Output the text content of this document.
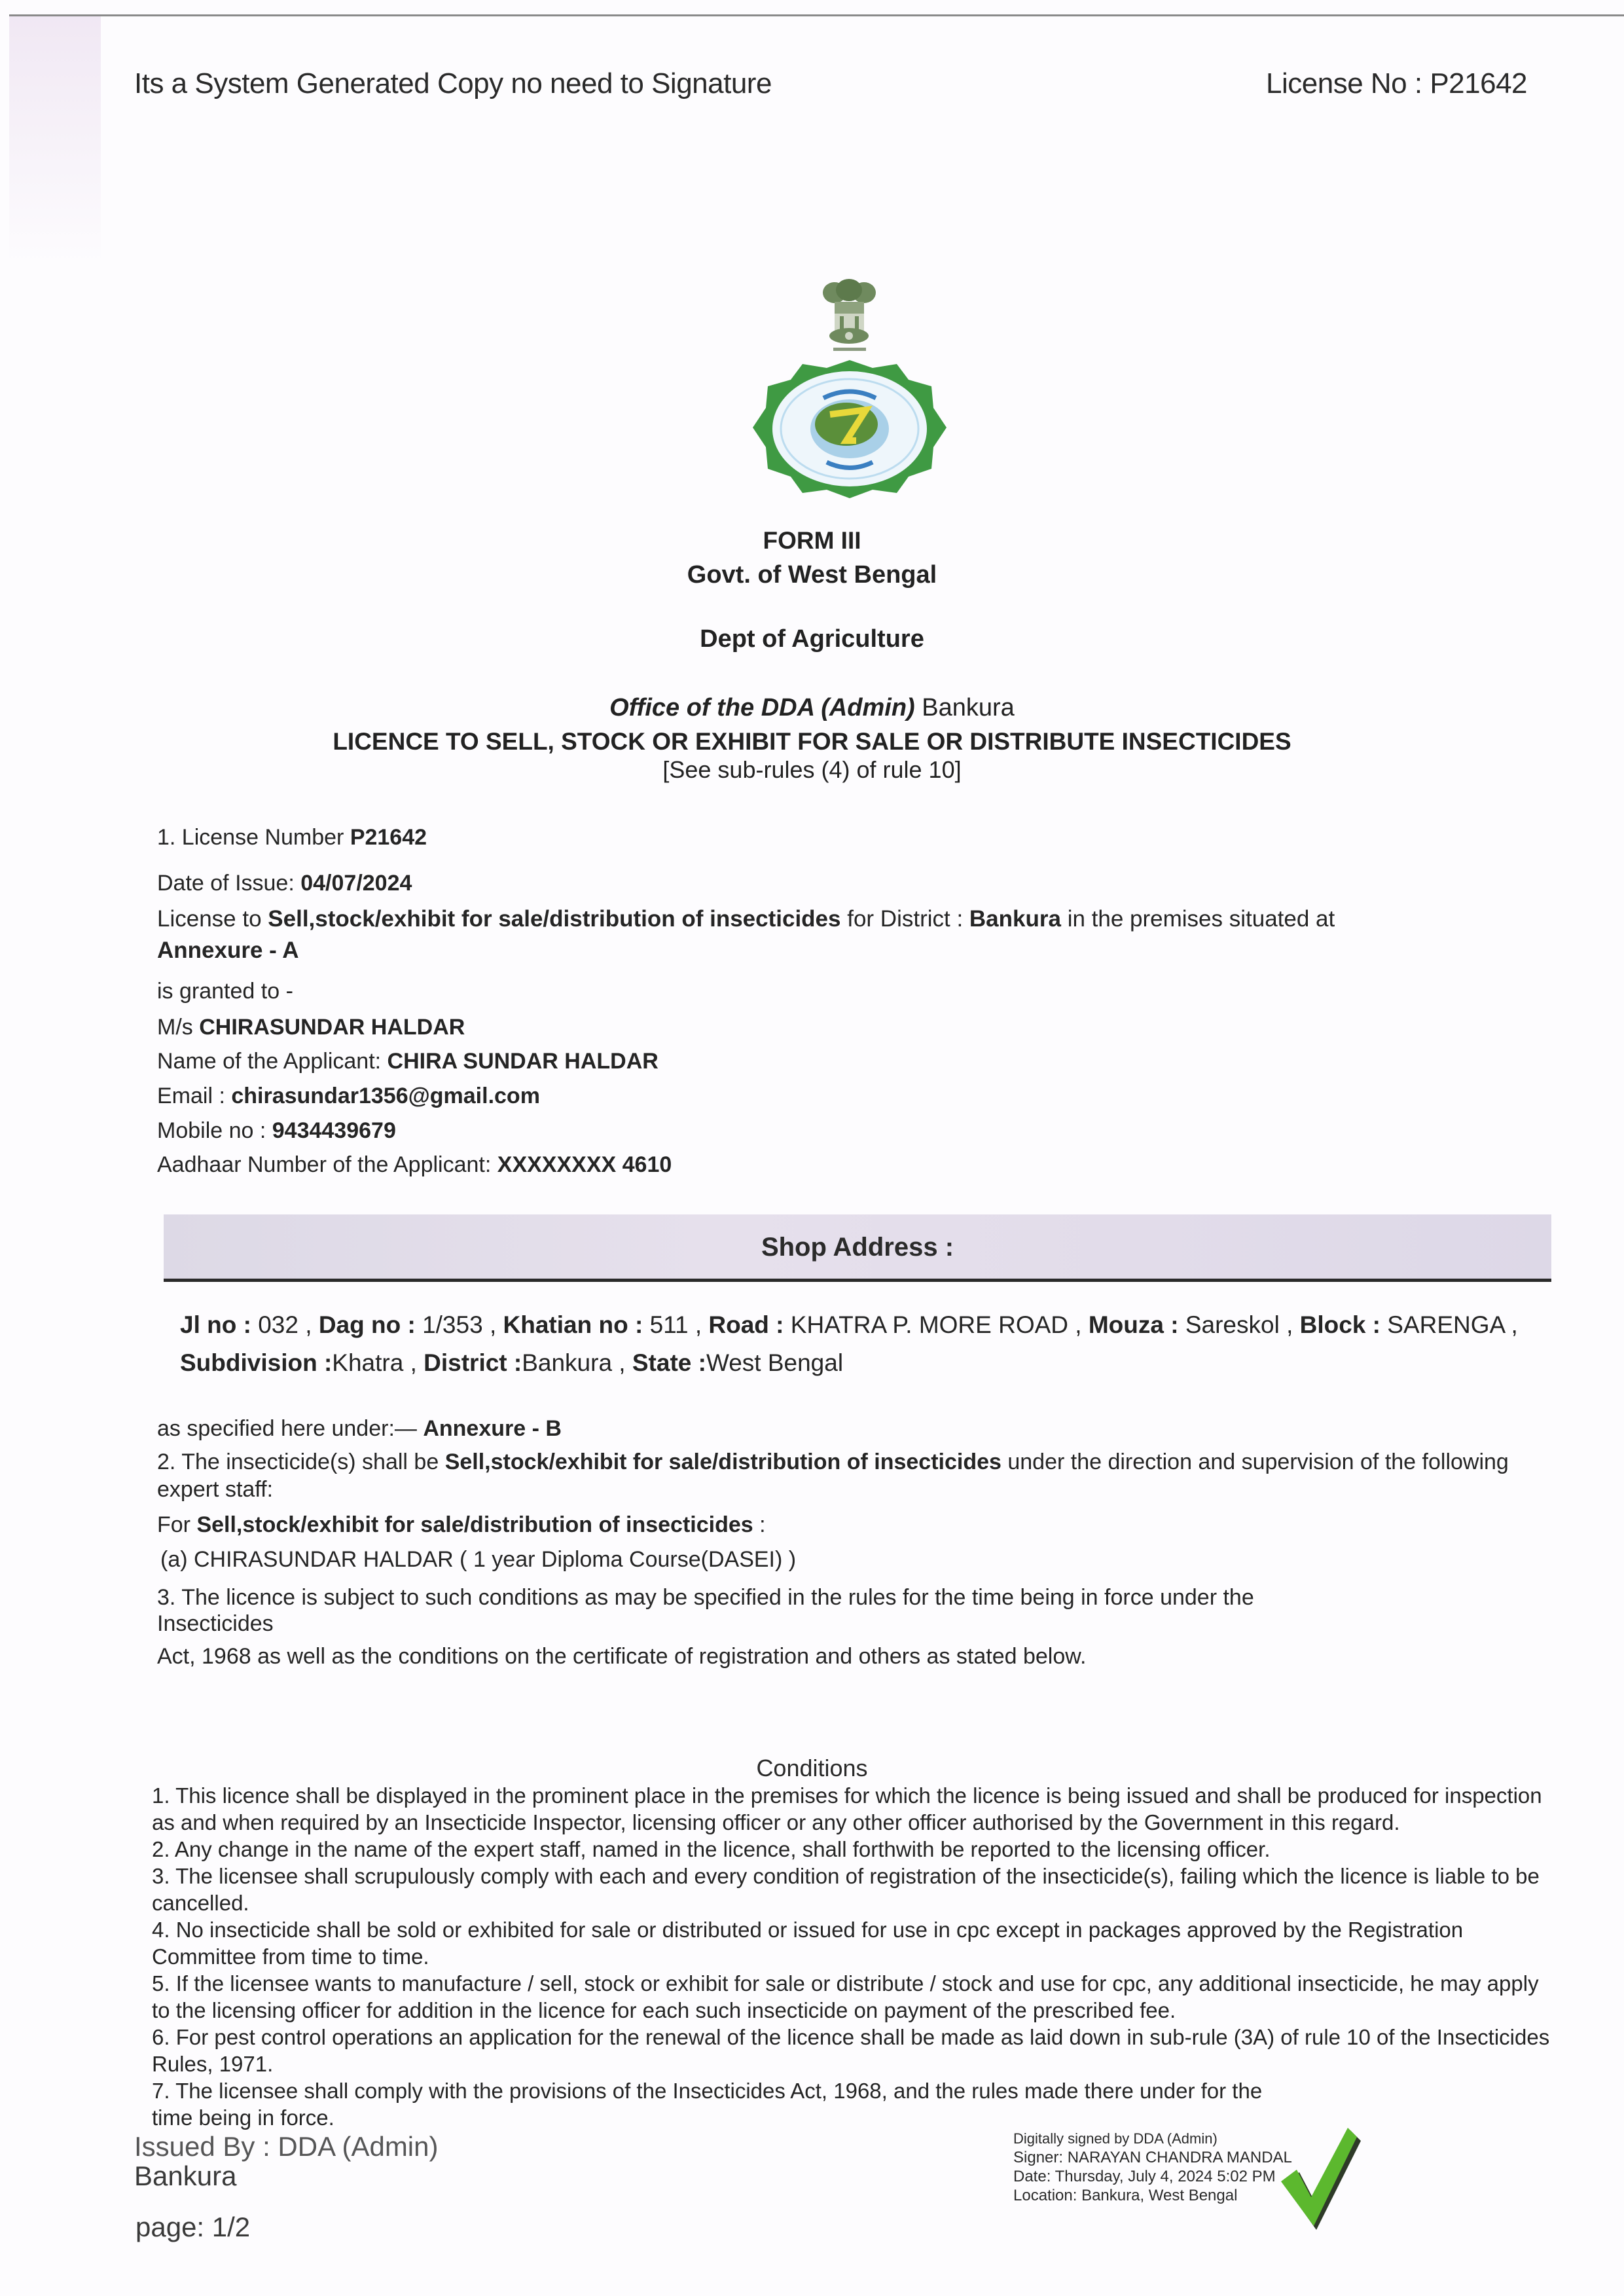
Its a System Generated Copy no need to Signature	License No : P21642
FORM III
Govt. of West Bengal
Dept of Agriculture
Office of the DDA (Admin) Bankura
LICENCE TO SELL, STOCK OR EXHIBIT FOR SALE OR DISTRIBUTE INSECTICIDES
[See sub-rules (4) of rule 10]
1. License Number P21642
Date of Issue: 04/07/2024
License to Sell,stock/exhibit for sale/distribution of insecticides for District : Bankura in the premises situated at
Annexure - A
is granted to -
M/s CHIRASUNDAR HALDAR
Name of the Applicant: CHIRA SUNDAR HALDAR
Email : chirasundar1356@gmail.com
Mobile no : 9434439679
Aadhaar Number of the Applicant: XXXXXXXX 4610
Shop Address :
Jl no : 032 , Dag no : 1/353 , Khatian no : 511 , Road : KHATRA P. MORE ROAD , Mouza : Sareskol , Block : SARENGA , Subdivision :Khatra , District :Bankura , State :West Bengal
as specified here under:— Annexure - B
2. The insecticide(s) shall be Sell,stock/exhibit for sale/distribution of insecticides under the direction and supervision of the following expert staff:
For Sell,stock/exhibit for sale/distribution of insecticides :
(a) CHIRASUNDAR HALDAR ( 1 year Diploma Course(DASEI) )
3. The licence is subject to such conditions as may be specified in the rules for the time being in force under the
Insecticides
Act, 1968 as well as the conditions on the certificate of registration and others as stated below.
Conditions
1. This licence shall be displayed in the prominent place in the premises for which the licence is being issued and shall be produced for inspection as and when required by an Insecticide Inspector, licensing officer or any other officer authorised by the Government in this regard.
2. Any change in the name of the expert staff, named in the licence, shall forthwith be reported to the licensing officer.
3. The licensee shall scrupulously comply with each and every condition of registration of the insecticide(s), failing which the licence is liable to be cancelled.
4. No insecticide shall be sold or exhibited for sale or distributed or issued for use in cpc except in packages approved by the Registration Committee from time to time.
5. If the licensee wants to manufacture / sell, stock or exhibit for sale or distribute / stock and use for cpc, any additional insecticide, he may apply to the licensing officer for addition in the licence for each such insecticide on payment of the prescribed fee.
6. For pest control operations an application for the renewal of the licence shall be made as laid down in sub-rule (3A) of rule 10 of the Insecticides Rules, 1971.
7. The licensee shall comply with the provisions of the Insecticides Act, 1968, and the rules made there under for the time being in force.
Issued By : DDA (Admin)
Bankura
page: 1/2
Digitally signed by DDA (Admin)
Signer: NARAYAN CHANDRA MANDAL
Date: Thursday, July 4, 2024 5:02 PM
Location: Bankura, West Bengal
